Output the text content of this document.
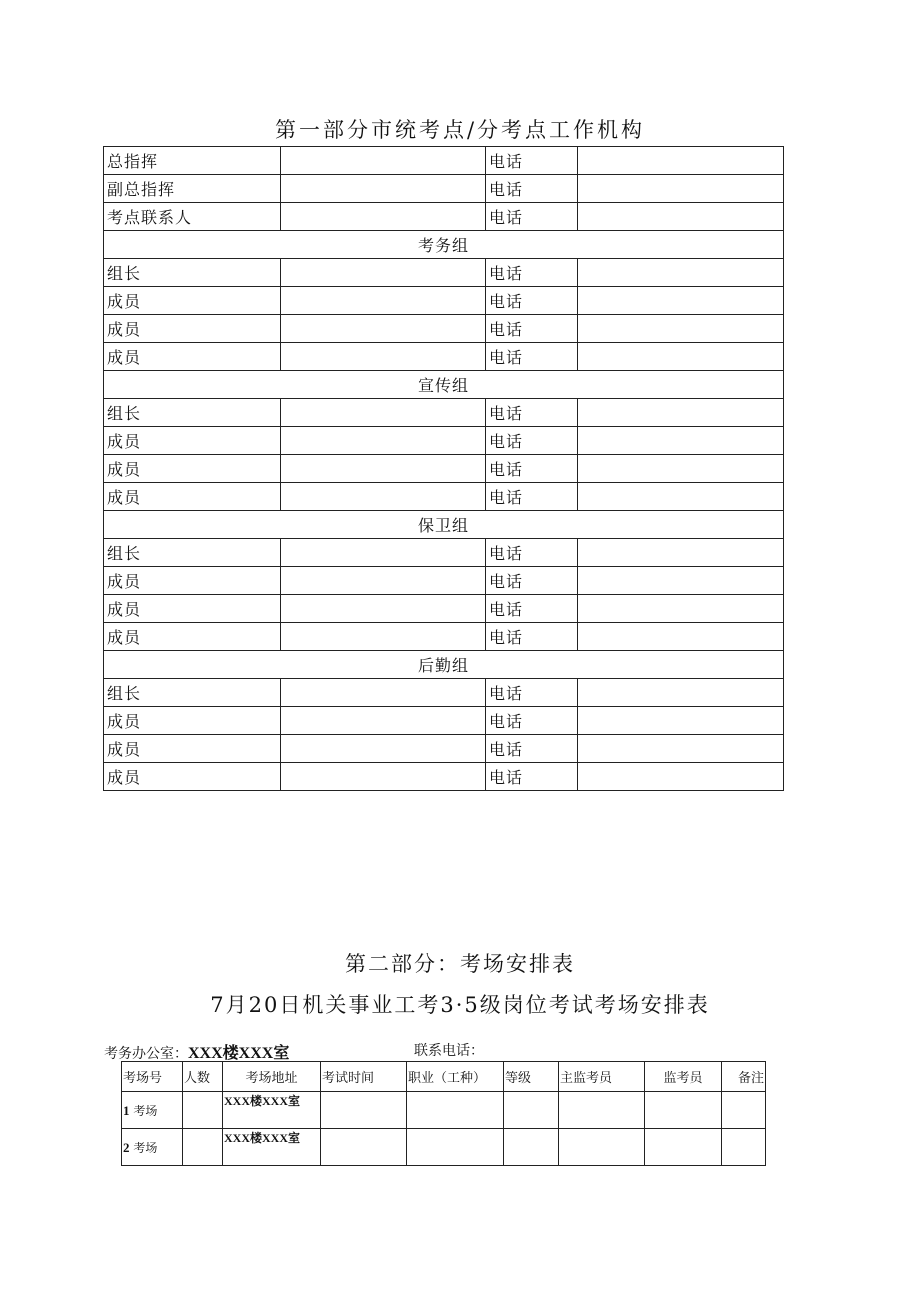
第一部分市统考点/分考点工作机构
总指挥		电话	
副总指挥		电话	
考点联系人		电话	
考务组			
组长		电话	
成员		电话	
成员		电话	
成员		电话	
宣传组			
组长		电话	
成员		电话	
成员		电话	
成员		电话	
保卫组			
组长		电话	
成员		电话	
成员		电话	
成员		电话	
后勤组			
组长		电话	
成员		电话	
成员		电话	
成员		电话	
第二部分：考场安排表
7月20日机关事业工考3·5级岗位考试考场安排表
考务办公室：XXX楼XXX室	联系电话：
考场号	人数	考场地址	考试时间	职业（工种）	等级	主监考员	监考员	备注
1 考场		XXX楼XXX室						
2 考场		XXX楼XXX室						
